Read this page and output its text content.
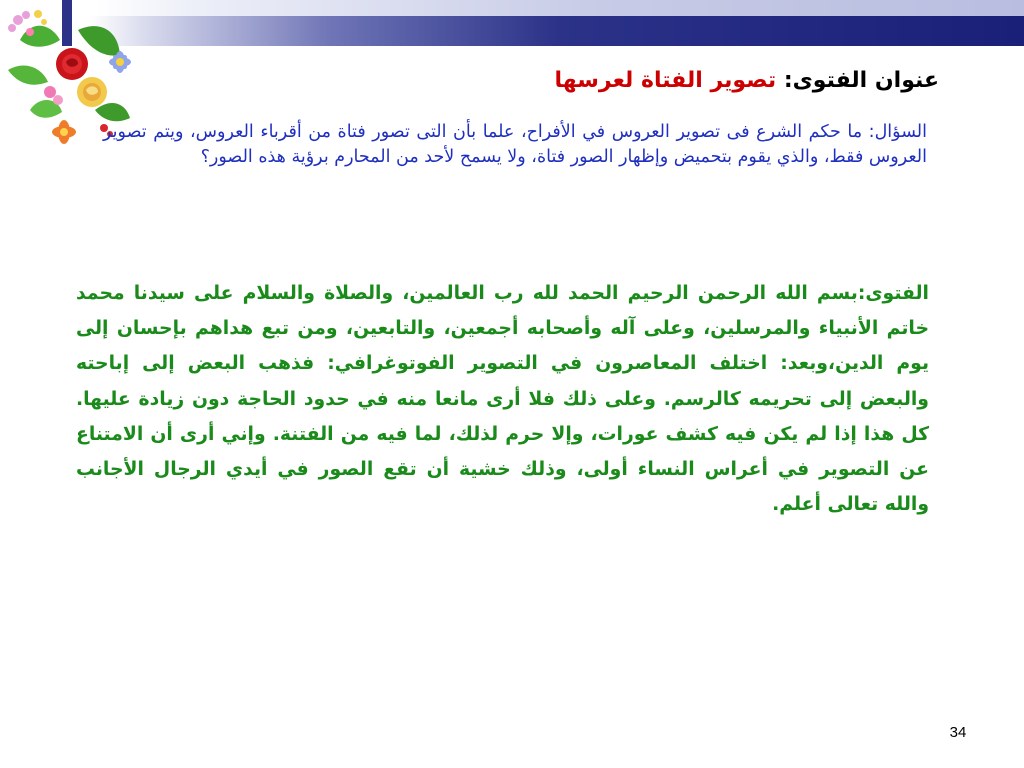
عنوان الفتوى: تصوير الفتاة لعرسها
السؤال: ما حكم الشرع فى تصوير العروس في الأفراح، علما بأن التى تصور فتاة من أقرباء العروس، ويتم تصوير العروس فقط، والذي يقوم بتحميض وإظهار الصور فتاة، ولا يسمح لأحد من المحارم برؤية هذه الصور؟
الفتوى:بسم الله الرحمن الرحيم الحمد لله رب العالمين، والصلاة والسلام على سيدنا محمد خاتم الأنبياء والمرسلين، وعلى آله وأصحابه أجمعين، والتابعين، ومن تبع هداهم بإحسان إلى يوم الدين،وبعد: اختلف المعاصرون في التصوير الفوتوغرافي: فذهب البعض إلى إباحته والبعض إلى تحريمه كالرسم. وعلى ذلك فلا أرى مانعا منه في حدود الحاجة دون زيادة عليها. كل هذا إذا لم يكن فيه كشف عورات، وإلا حرم لذلك، لما فيه من الفتنة. وإني أرى أن الامتناع عن التصوير في أعراس النساء أولى، وذلك خشية أن تقع الصور في أيدي الرجال الأجانب والله تعالى أعلم.
34
